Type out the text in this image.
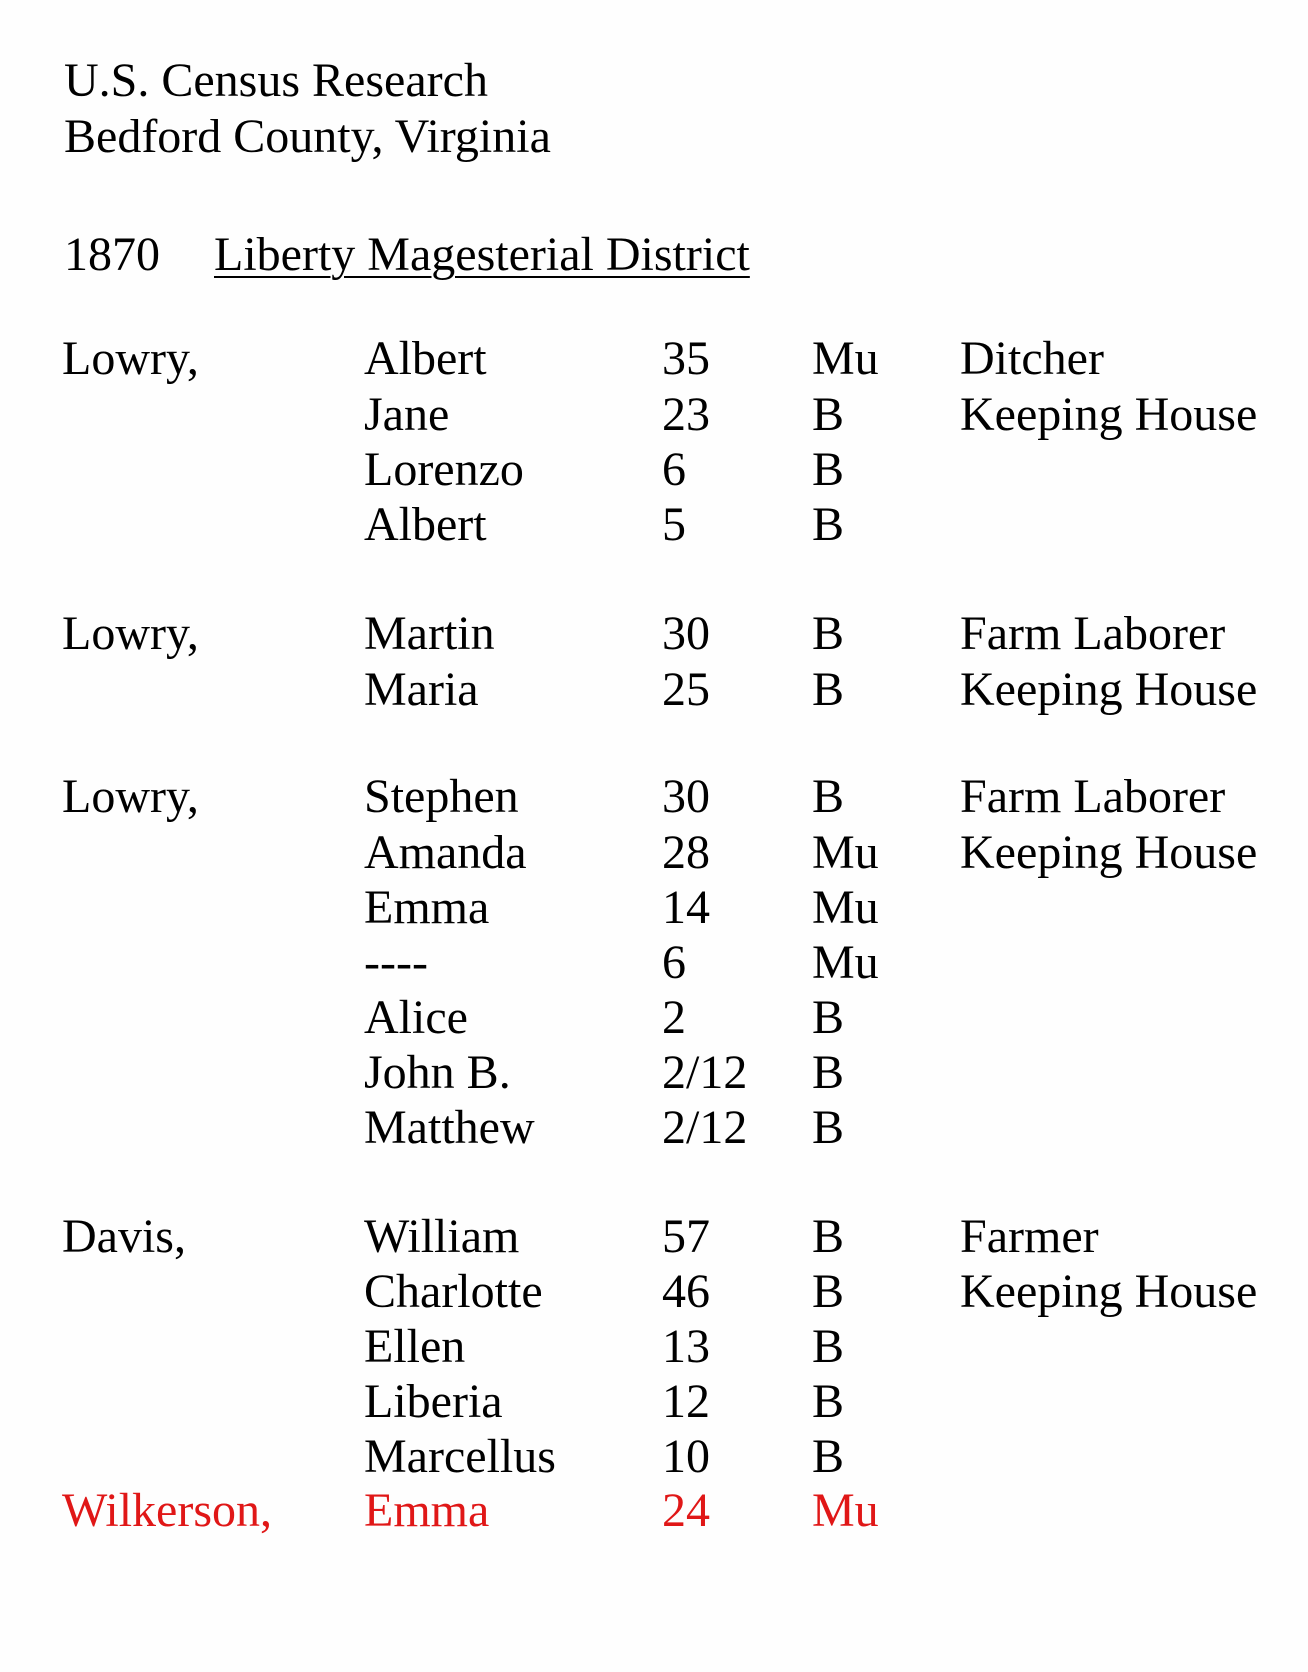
U.S. Census Research
Bedford County, Virginia
1870 Liberty Magesterial District
Lowry,	Albert	35 Mu Ditcher
Jane	23 B Keeping House
Lorenzo	6	B
Albert	5	B
Lowry,	Martin	30 B Farm Laborer
Maria	25 B Keeping House
Lowry,	Stephen	30 B Farm Laborer
Amanda	28 Mu Keeping House
Emma	14 Mu
----	6	Mu
Alice	2	B
John B.	2/12 B
Matthew	2/12 B
Davis,	William	57 B Farmer
Charlotte 46 B Keeping House
Ellen	13 B
Liberia	12 B
Marcellus 10 B
Wilkerson, Emma	24 Mu
